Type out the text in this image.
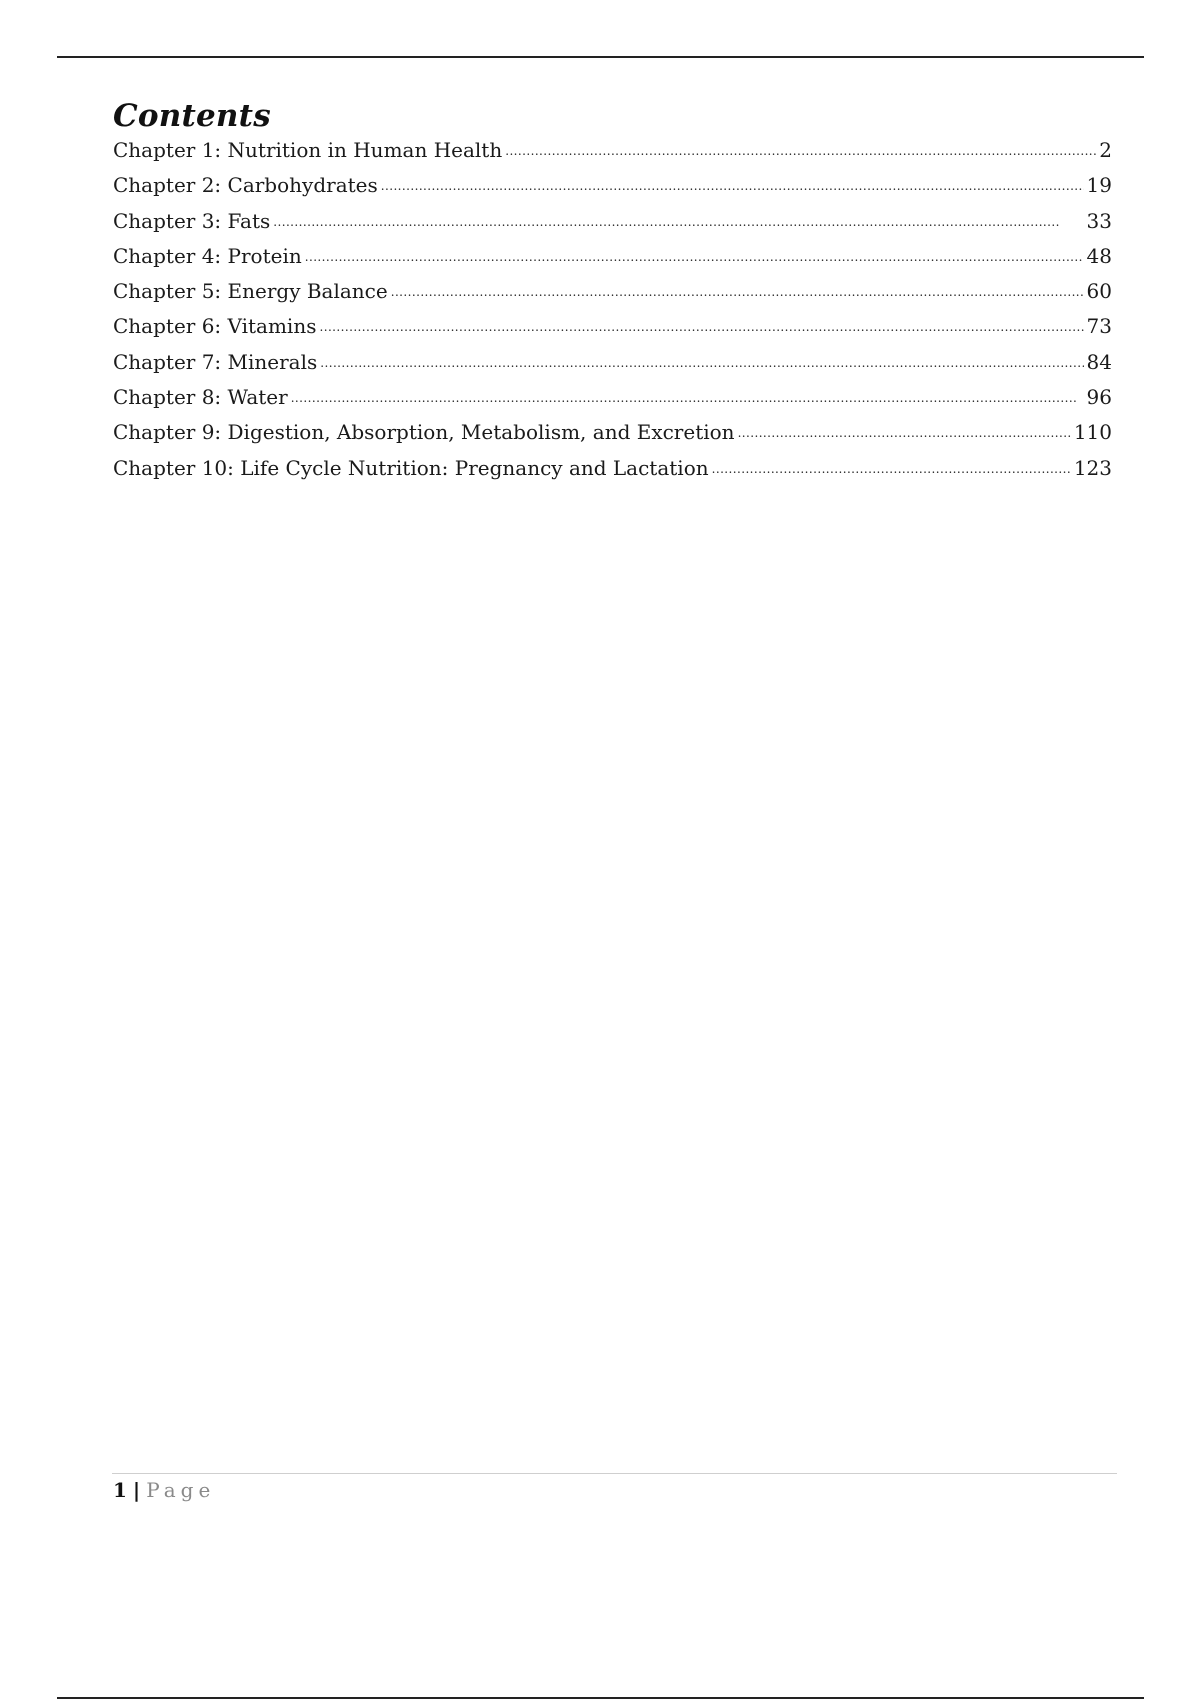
Contents
Chapter 1: Nutrition in Human Health . . .	2
Chapter 2: Carbohydrates . . .	19
Chapter 3: Fats . . .	33
Chapter 4: Protein . . .	48
Chapter 5: Energy Balance . . .	60
Chapter 6: Vitamins . . .	73
Chapter 7: Minerals . . .	84
Chapter 8: Water . . .	96
Chapter 9: Digestion, Absorption, Metabolism, and Excretion . . .	110
Chapter 10: Life Cycle Nutrition: Pregnancy and Lactation . . .	123
1 | Page
